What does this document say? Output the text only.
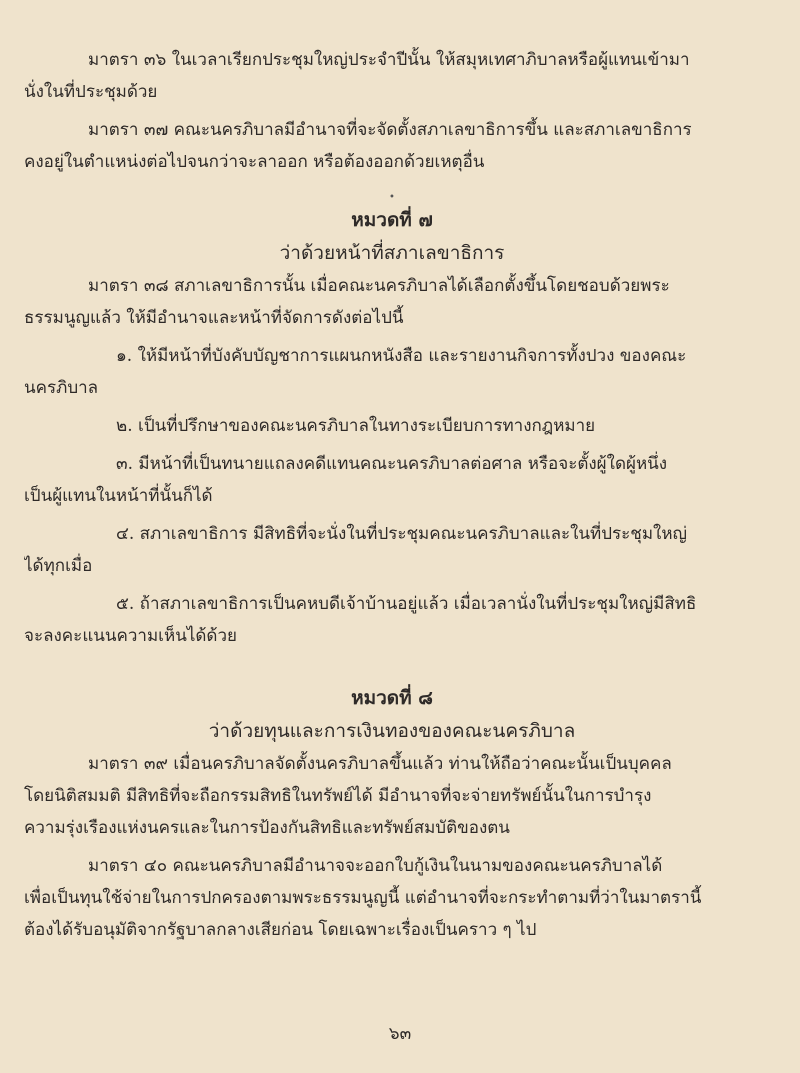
มาตรา ๓๖ ในเวลาเรียกประชุมใหญ่ประจำปีนั้น ให้สมุหเทศาภิบาลหรือผู้แทนเข้ามา
นั่งในที่ประชุมด้วย

มาตรา ๓๗ คณะนครภิบาลมีอำนาจที่จะจัดตั้งสภาเลขาธิการขึ้น และสภาเลขาธิการ
คงอยู่ในตำแหน่งต่อไปจนกว่าจะลาออก หรือต้องออกด้วยเหตุอื่น

•

หมวดที่ ๗

ว่าด้วยหน้าที่สภาเลขาธิการ

มาตรา ๓๘ สภาเลขาธิการนั้น เมื่อคณะนครภิบาลได้เลือกตั้งขึ้นโดยชอบด้วยพระ
ธรรมนูญแล้ว ให้มีอำนาจและหน้าที่จัดการดังต่อไปนี้

๑. ให้มีหน้าที่บังคับบัญชาการแผนกหนังสือ และรายงานกิจการทั้งปวง ของคณะ
นครภิบาล

๒. เป็นที่ปรึกษาของคณะนครภิบาลในทางระเบียบการทางกฎหมาย

๓. มีหน้าที่เป็นทนายแถลงคดีแทนคณะนครภิบาลต่อศาล หรือจะตั้งผู้ใดผู้หนึ่ง
เป็นผู้แทนในหน้าที่นั้นก็ได้

๔. สภาเลขาธิการ มีสิทธิที่จะนั่งในที่ประชุมคณะนครภิบาลและในที่ประชุมใหญ่
ได้ทุกเมื่อ

๕. ถ้าสภาเลขาธิการเป็นคหบดีเจ้าบ้านอยู่แล้ว เมื่อเวลานั่งในที่ประชุมใหญ่มีสิทธิ
จะลงคะแนนความเห็นได้ด้วย

หมวดที่ ๘

ว่าด้วยทุนและการเงินทองของคณะนครภิบาล

มาตรา ๓๙ เมื่อนครภิบาลจัดตั้งนครภิบาลขึ้นแล้ว ท่านให้ถือว่าคณะนั้นเป็นบุคคล
โดยนิติสมมติ มีสิทธิที่จะถือกรรมสิทธิในทรัพย์ได้ มีอำนาจที่จะจ่ายทรัพย์นั้นในการบำรุง
ความรุ่งเรืองแห่งนครและในการป้องกันสิทธิและทรัพย์สมบัติของตน

มาตรา ๔๐ คณะนครภิบาลมีอำนาจจะออกใบกู้เงินในนามของคณะนครภิบาลได้
เพื่อเป็นทุนใช้จ่ายในการปกครองตามพระธรรมนูญนี้ แต่อำนาจที่จะกระทำตามที่ว่าในมาตรานี้
ต้องได้รับอนุมัติจากรัฐบาลกลางเสียก่อน โดยเฉพาะเรื่องเป็นคราว ๆ ไป

๖๓
